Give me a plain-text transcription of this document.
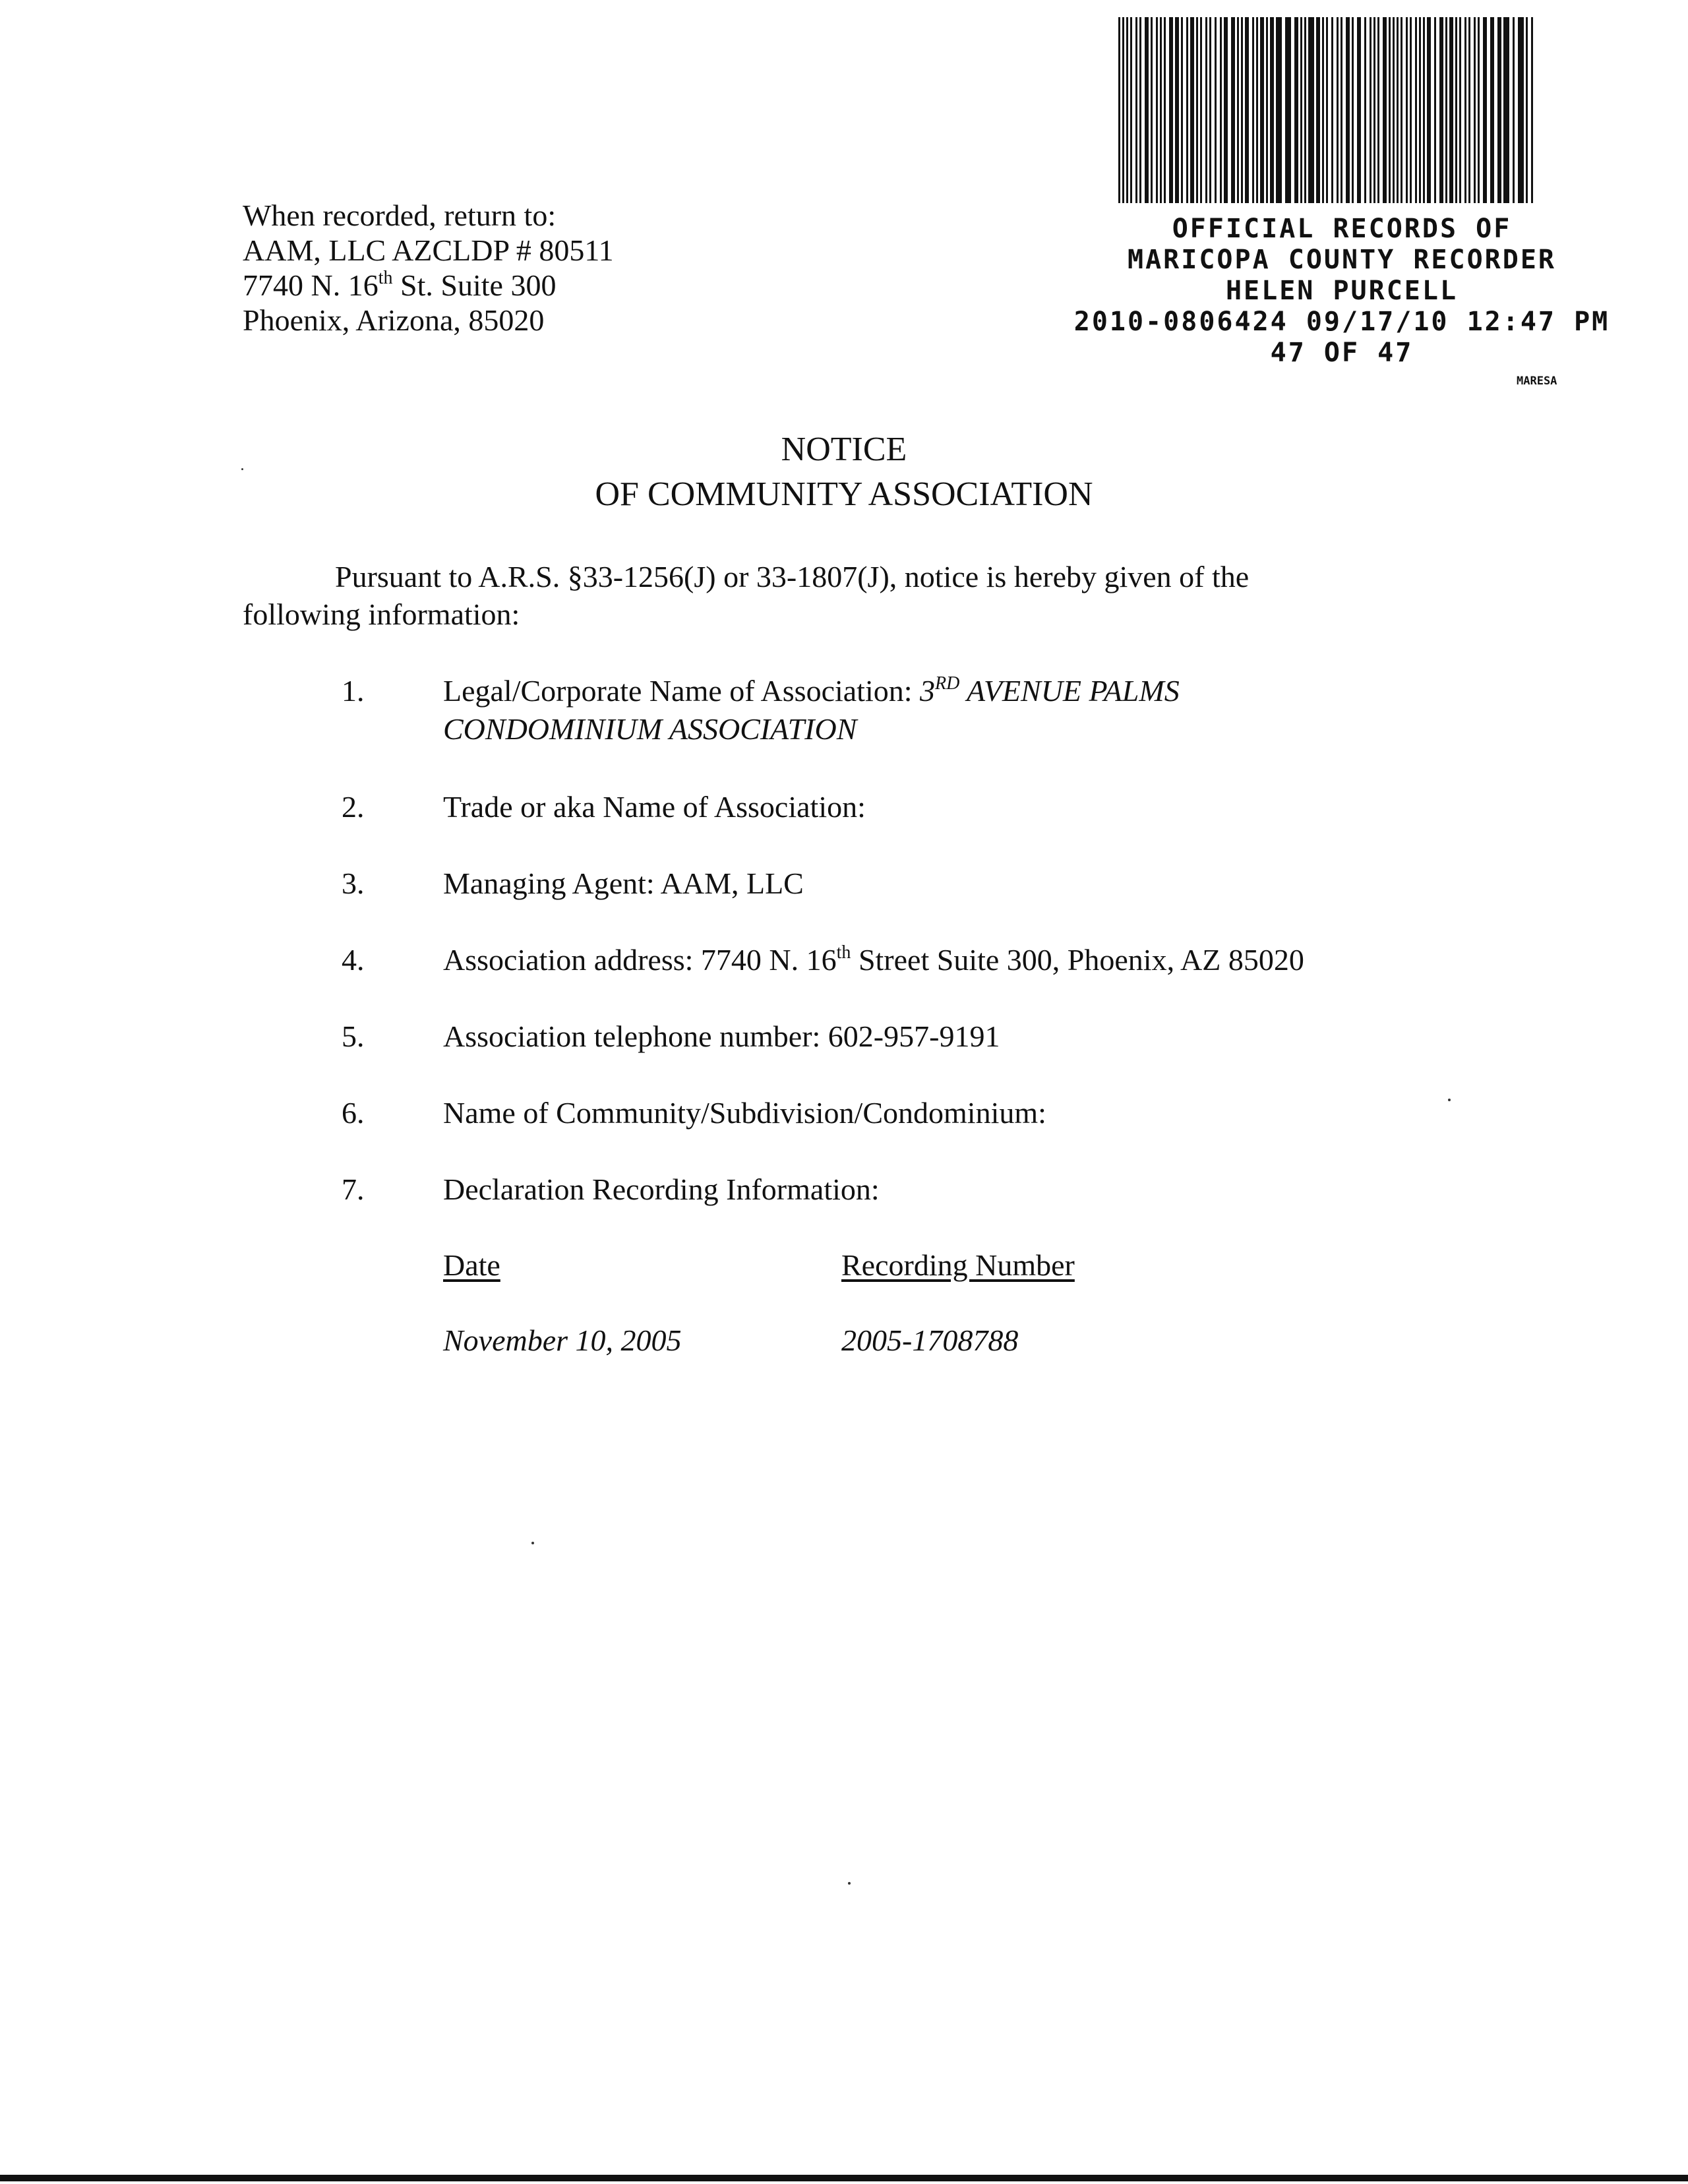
When recorded, return to:
AAM, LLC AZCLDP # 80511
7740 N. 16th St. Suite 300
Phoenix, Arizona, 85020
OFFICIAL RECORDS OF
MARICOPA COUNTY RECORDER
HELEN PURCELL
2010-0806424 09/17/10 12:47 PM
47 OF 47
MARESA
NOTICE
OF COMMUNITY ASSOCIATION
Pursuant to A.R.S. §33-1256(J) or 33-1807(J), notice is hereby given of the
following information:
1.	Legal/Corporate Name of Association: 3RD AVENUE PALMS
CONDOMINIUM ASSOCIATION
2.	Trade or aka Name of Association:
3.	Managing Agent: AAM, LLC
4.	Association address: 7740 N. 16th Street Suite 300, Phoenix, AZ 85020
5.	Association telephone number: 602-957-9191
6.	Name of Community/Subdivision/Condominium:
7.	Declaration Recording Information:
Date	Recording Number
November 10, 2005	2005-1708788
